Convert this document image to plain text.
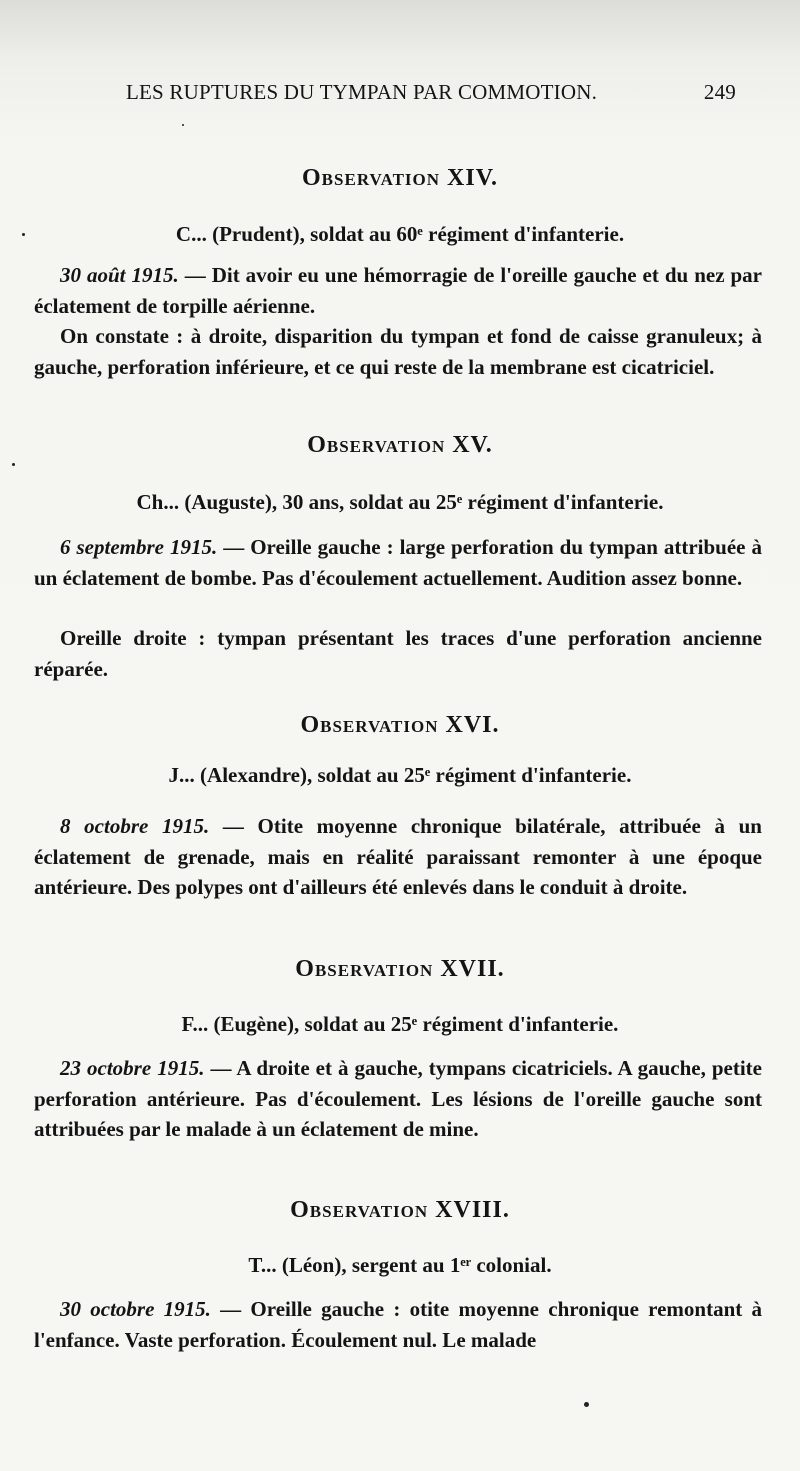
LES RUPTURES DU TYMPAN PAR COMMOTION.	249
Observation XIV.
C... (Prudent), soldat au 60ᵉ régiment d'infanterie.
30 août 1915. — Dit avoir eu une hémorragie de l'oreille gauche et du nez par éclatement de torpille aérienne.
On constate : à droite, disparition du tympan et fond de caisse granuleux; à gauche, perforation inférieure, et ce qui reste de la membrane est cicatriciel.
Observation XV.
Ch... (Auguste), 30 ans, soldat au 25ᵉ régiment d'infanterie.
6 septembre 1915. — Oreille gauche : large perforation du tympan attribuée à un éclatement de bombe. Pas d'écoulement actuellement. Audition assez bonne.
Oreille droite : tympan présentant les traces d'une perforation ancienne réparée.
Observation XVI.
J... (Alexandre), soldat au 25ᵉ régiment d'infanterie.
8 octobre 1915. — Otite moyenne chronique bilatérale, attribuée à un éclatement de grenade, mais en réalité paraissant remonter à une époque antérieure. Des polypes ont d'ailleurs été enlevés dans le conduit à droite.
Observation XVII.
F... (Eugène), soldat au 25ᵉ régiment d'infanterie.
23 octobre 1915. — A droite et à gauche, tympans cicatriciels. A gauche, petite perforation antérieure. Pas d'écoulement. Les lésions de l'oreille gauche sont attribuées par le malade à un éclatement de mine.
Observation XVIII.
T... (Léon), sergent au 1ᵉʳ colonial.
30 octobre 1915. — Oreille gauche : otite moyenne chronique remontant à l'enfance. Vaste perforation. Écoulement nul. Le malade
